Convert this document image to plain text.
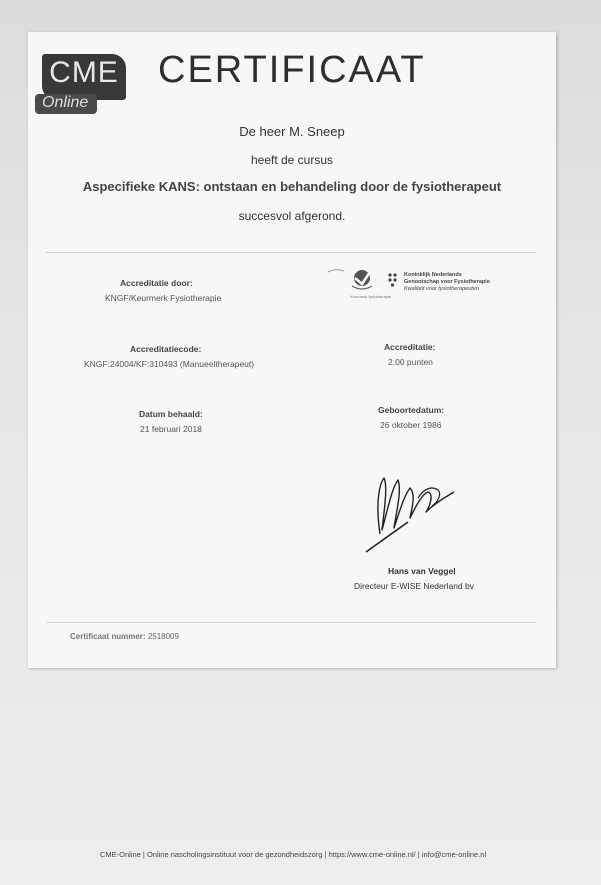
CME
Online
CERTIFICAAT
De heer M. Sneep
heeft de cursus
Aspecifieke KANS: ontstaan en behandeling door de fysiotherapeut
succesvol afgerond.
Accreditatie door:
KNGF/Keurmerk Fysiotherapie
Koninklijk Nederlands
Genootschap voor Fysiotherapie
Kwaliteit voor fysiotherapeuten
Keurmerk fysiotherapie
Accreditatiecode:
KNGF:24004/KF:310493 (Manueeltherapeut)
Accreditatie:
2.00 punten
Datum behaald:
21 februari 2018
Geboortedatum:
26 oktober 1986
Hans van Veggel
Directeur E-WISE Nederland bv
Certificaat nummer: 2518009
CME-Online | Online nascholingsinstituut voor de gezondheidszorg | https://www.cme-online.nl/ | info@cme-online.nl
